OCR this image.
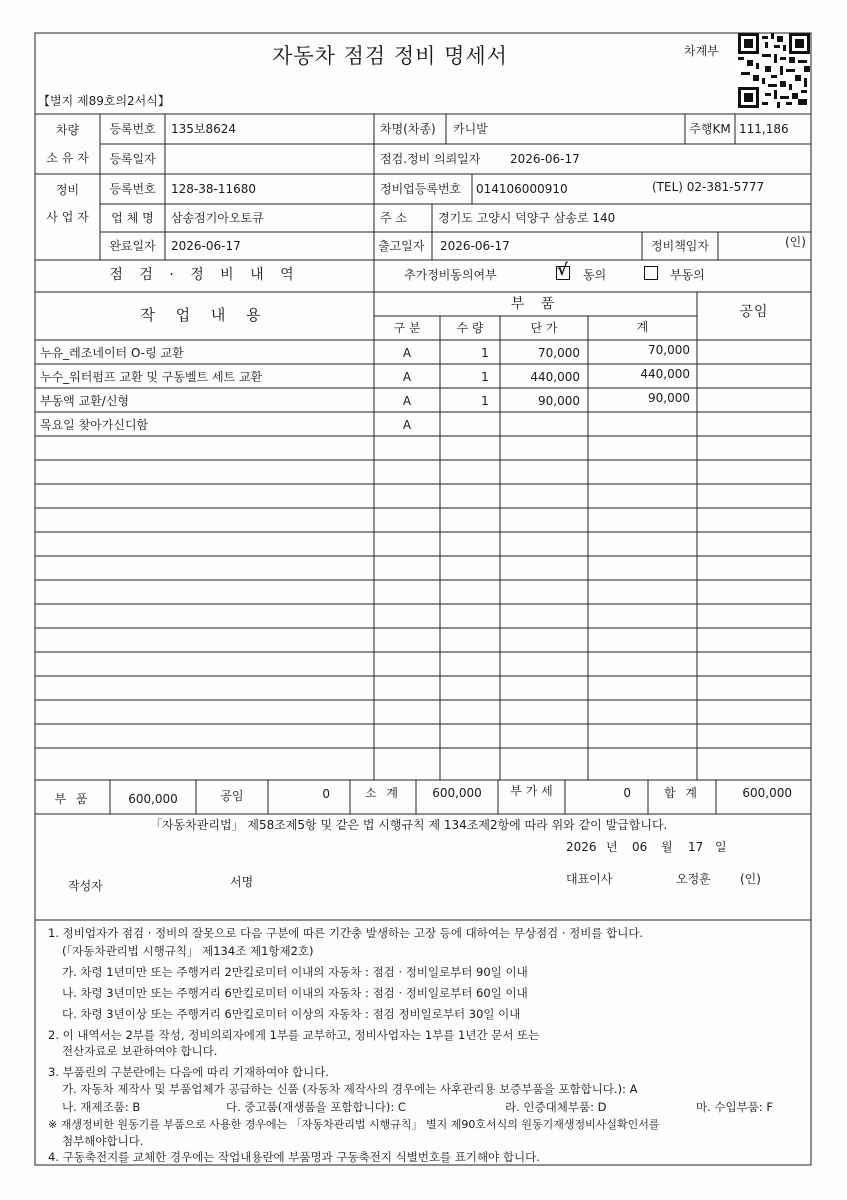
자동차 점검 정비 명세서	차계부
【별지 제89호의2서식】
차량
소 유 자
등록번호	135보8624	차명(차종) 카니발	주행KM 111,186
등록일자	점검.정비 의뢰일자 2026-06-17
정비
사 업 자
등록번호	128-38-11680	정비업등록번호 014106000910	(TEL) 02-381-5777
업 체 명	삼송점기아오토큐	주 소	경기도 고양시 덕양구 삼송로 140
완료일자	2026-06-17	출고일자 2026-06-17	정비책임자	(인)
점 검 · 정 비 내 역	추가정비동의여부	√ 동의	부동의
작 업 내 용
부 품	공임
구 분	수 량	단 가	계
누유_레조네이터 O-링 교환	A	1	70,000	70,000
누수_워터펌프 교환 및 구동벨트 세트 교환	A	1	440,000	440,000
부동액 교환/신형	A	1	90,000	90,000
목요일 찾아가신디함	A
부 품	600,000	공임	0	소 계	600,000	부 가 세	0	합 계	600,000
「자동차관리법」 제58조제5항 및 같은 법 시행규칙 제 134조제2항에 따라 위와 같이 발급합니다.
2026 년 06 월 17 일
작성자	서명	대표이사	오정훈 (인)
1. 정비업자가 점검 · 정비의 잘못으로 다음 구분에 따른 기간충 발생하는 고장 등에 대하여는 무상점검 · 정비를 합니다.
(「자동차관리법 시행규칙」 제134조 제1항제2호)
가. 차령 1년미만 또는 주행거리 2만킬로미터 이내의 자동차 : 점검 · 정비일로부터 90일 이내
나. 차령 3년미만 또는 주행거리 6만킬로미터 이내의 자동차 : 점검 · 정비일로부터 60일 이내
다. 차령 3년이상 또는 주행거리 6만킬로미터 이상의 자동차 : 점검 정비일로부터 30일 이내
2. 이 내역서는 2부를 작성, 정비의뢰자에게 1부를 교부하고, 정비사업자는 1부를 1년간 문서 또는
전산자료로 보관하여야 합니다.
3. 부품린의 구분란에는 다음에 따리 기재하여야 합니다.
가. 자동차 제작사 및 부품업체가 공급하는 신품 (자동차 제작사의 경우에는 사후관리용 보증부품을 포함합니다.): A
나. 재제조품: B	다. 중고품(재생품을 포함합니다): C	라. 인증대체부품: D	마. 수입부품: F
※ 재생정비한 원동기를 부품으로 사용한 경우에는 「자동차관리법 시행규칙」 별지 제90호서식의 원동기재생정비사실확인서를
첨부해야합니다.
4. 구동축전지를 교체한 경우에는 작업내용란에 부품명과 구동축전지 식별번호를 표기해야 합니다.
